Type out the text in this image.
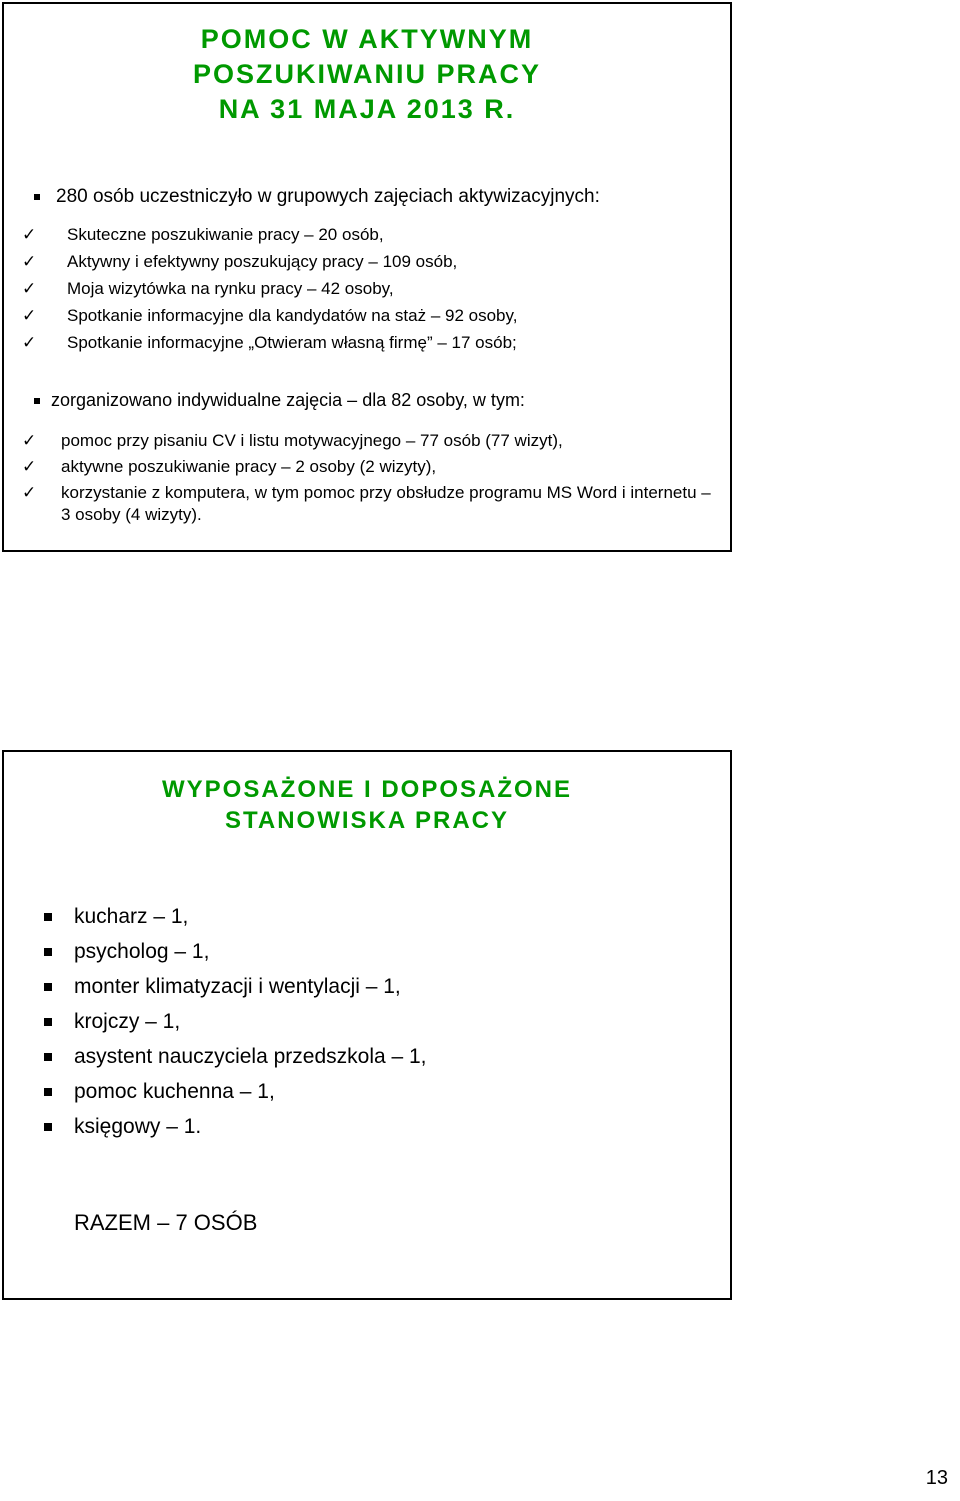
POMOC W AKTYWNYM
POSZUKIWANIU PRACY
NA 31 MAJA 2013 R.
280 osób uczestniczyło w grupowych zajęciach aktywizacyjnych:
✓ Skuteczne poszukiwanie pracy – 20 osób,
✓ Aktywny i efektywny poszukujący pracy – 109 osób,
✓ Moja wizytówka na rynku pracy – 42 osoby,
✓ Spotkanie informacyjne dla kandydatów na staż – 92 osoby,
✓ Spotkanie informacyjne „Otwieram własną firmę” – 17 osób;
zorganizowano indywidualne zajęcia – dla 82 osoby, w tym:
✓ pomoc przy pisaniu CV i listu motywacyjnego – 77 osób (77 wizyt),
✓ aktywne poszukiwanie pracy – 2 osoby (2 wizyty),
✓ korzystanie z komputera, w tym pomoc przy obsłudze programu MS Word i internetu – 3 osoby (4 wizyty).
WYPOSAŻONE I DOPOSAŻONE
STANOWISKA PRACY
kucharz – 1,
psycholog – 1,
monter klimatyzacji i wentylacji – 1,
krojczy – 1,
asystent nauczyciela przedszkola – 1,
pomoc kuchenna – 1,
księgowy – 1.
RAZEM – 7 OSÓB
13
